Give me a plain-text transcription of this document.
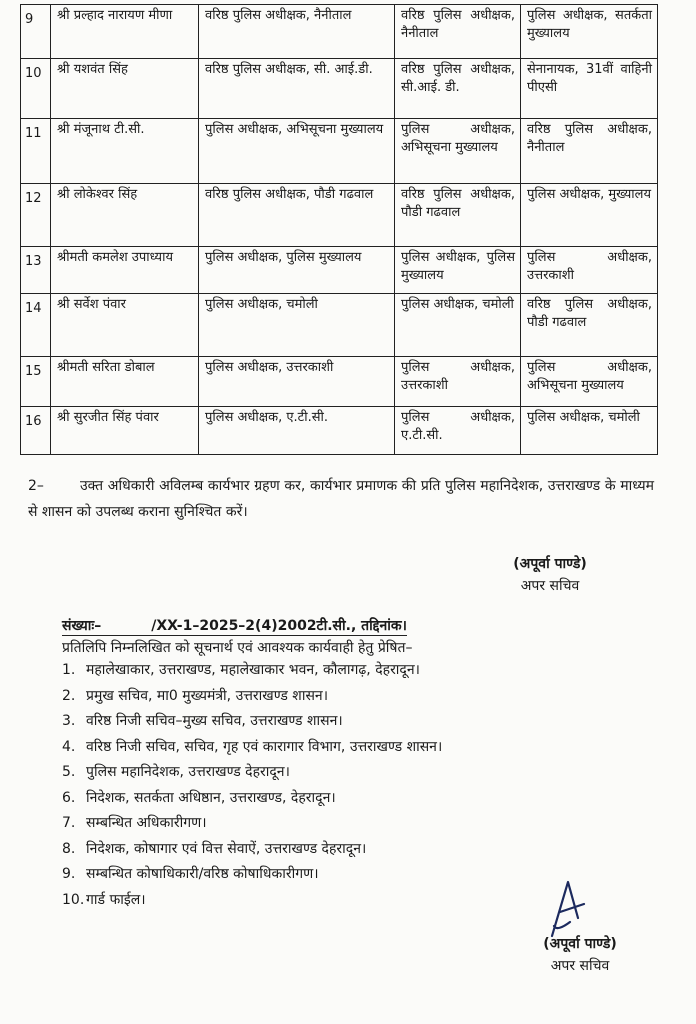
9	श्री प्रल्हाद नारायण मीणा	वरिष्ठ पुलिस अधीक्षक, नैनीताल	वरिष्ठ पुलिस अधीक्षक, नैनीताल	पुलिस अधीक्षक, सतर्कता मुख्यालय
10	श्री यशवंत सिंह	वरिष्ठ पुलिस अधीक्षक, सी. आई.डी.	वरिष्ठ पुलिस अधीक्षक, सी.आई. डी.	सेनानायक, 31वीं वाहिनी पीएसी
11	श्री मंजूनाथ टी.सी.	पुलिस अधीक्षक, अभिसूचना मुख्यालय	पुलिस अधीक्षक, अभिसूचना मुख्यालय	वरिष्ठ पुलिस अधीक्षक, नैनीताल
12	श्री लोकेश्वर सिंह	वरिष्ठ पुलिस अधीक्षक, पौडी गढवाल	वरिष्ठ पुलिस अधीक्षक, पौडी गढवाल	पुलिस अधीक्षक, मुख्यालय
13	श्रीमती कमलेश उपाध्याय	पुलिस अधीक्षक, पुलिस मुख्यालय	पुलिस अधीक्षक, पुलिस मुख्यालय	पुलिस अधीक्षक, उत्तरकाशी
14	श्री सर्वेश पंवार	पुलिस अधीक्षक, चमोली	पुलिस अधीक्षक, चमोली	वरिष्ठ पुलिस अधीक्षक, पौडी गढवाल
15	श्रीमती सरिता डोबाल	पुलिस अधीक्षक, उत्तरकाशी	पुलिस अधीक्षक, उत्तरकाशी	पुलिस अधीक्षक, अभिसूचना मुख्यालय
16	श्री सुरजीत सिंह पंवार	पुलिस अधीक्षक, ए.टी.सी.	पुलिस अधीक्षक, ए.टी.सी.	पुलिस अधीक्षक, चमोली
2–	उक्त अधिकारी अविलम्ब कार्यभार ग्रहण कर, कार्यभार प्रमाणक की प्रति पुलिस महानिदेशक, उत्तराखण्ड के माध्यम से शासन को उपलब्ध कराना सुनिश्चित करें।
(अपूर्वा पाण्डे)
अपर सचिव
संख्याः–	/XX-1–2025–2(4)2002टी.सी., तद्दिनांक।
प्रतिलिपि निम्नलिखित को सूचनार्थ एवं आवश्यक कार्यवाही हेतु प्रेषित–
1. महालेखाकार, उत्तराखण्ड, महालेखाकार भवन, कौलागढ़, देहरादून।
2. प्रमुख सचिव, मा0 मुख्यमंत्री, उत्तराखण्ड शासन।
3. वरिष्ठ निजी सचिव–मुख्य सचिव, उत्तराखण्ड शासन।
4. वरिष्ठ निजी सचिव, सचिव, गृह एवं कारागार विभाग, उत्तराखण्ड शासन।
5. पुलिस महानिदेशक, उत्तराखण्ड देहरादून।
6. निदेशक, सतर्कता अधिष्ठान, उत्तराखण्ड, देहरादून।
7. सम्बन्धित अधिकारीगण।
8. निदेशक, कोषागार एवं वित्त सेवाऐं, उत्तराखण्ड देहरादून।
9. सम्बन्धित कोषाधिकारी/वरिष्ठ कोषाधिकारीगण।
10. गार्ड फाईल।
(अपूर्वा पाण्डे)
अपर सचिव
